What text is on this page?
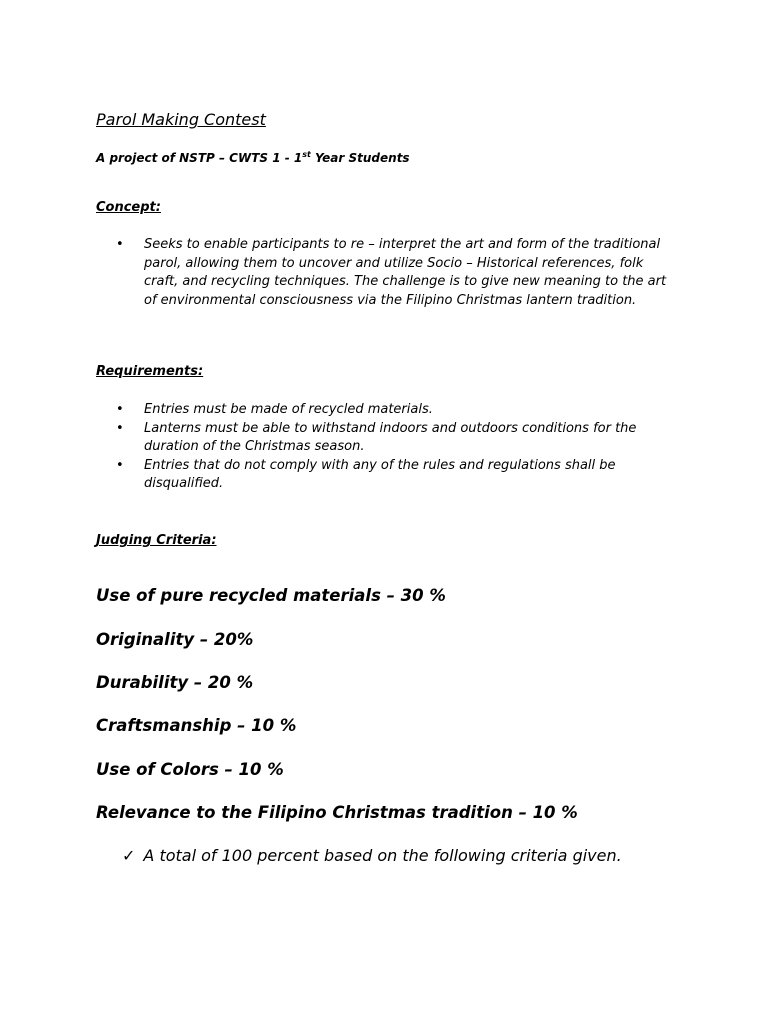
Parol Making Contest

A project of NSTP – CWTS 1 - 1st Year Students

Concept:

• Seeks to enable participants to re – interpret the art and form of the traditional parol, allowing them to uncover and utilize Socio – Historical references, folk craft, and recycling techniques. The challenge is to give new meaning to the art of environmental consciousness via the Filipino Christmas lantern tradition.

Requirements:

• Entries must be made of recycled materials.
• Lanterns must be able to withstand indoors and outdoors conditions for the duration of the Christmas season.
• Entries that do not comply with any of the rules and regulations shall be disqualified.

Judging Criteria:

Use of pure recycled materials – 30 %

Originality – 20%

Durability – 20 %

Craftsmanship – 10 %

Use of Colors – 10 %

Relevance to the Filipino Christmas tradition – 10 %

✓ A total of 100 percent based on the following criteria given.
